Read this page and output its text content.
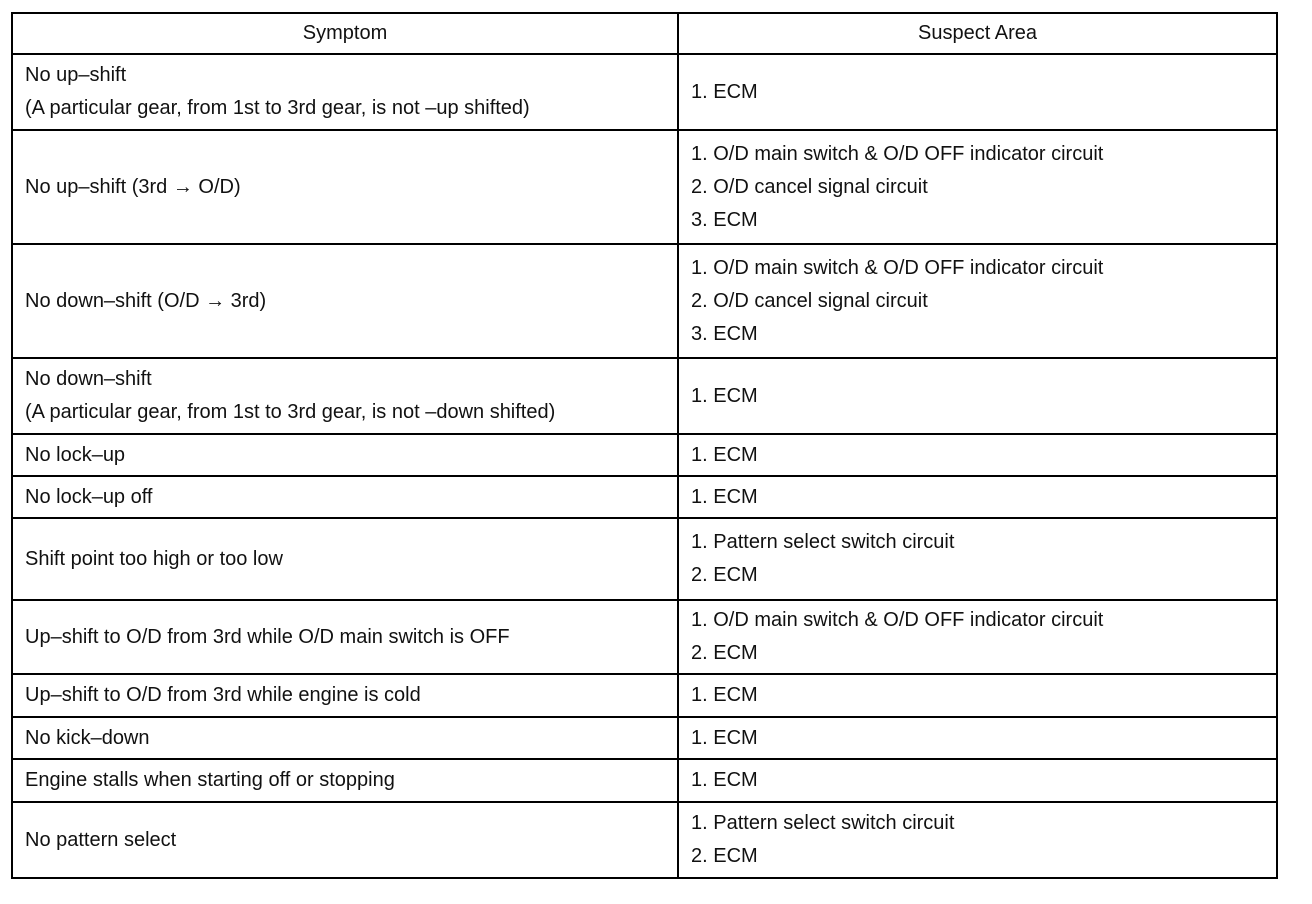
Symptom	Suspect Area

No up–shift
(A particular gear, from 1st to 3rd gear, is not –up shifted)	1. ECM

No up–shift (3rd → O/D)	1. O/D main switch & O/D OFF indicator circuit
2. O/D cancel signal circuit
3. ECM

No down–shift (O/D → 3rd)	1. O/D main switch & O/D OFF indicator circuit
2. O/D cancel signal circuit
3. ECM

No down–shift
(A particular gear, from 1st to 3rd gear, is not –down shifted)	1. ECM

No lock–up	1. ECM

No lock–up off	1. ECM

Shift point too high or too low	1. Pattern select switch circuit
2. ECM

Up–shift to O/D from 3rd while O/D main switch is OFF	1. O/D main switch & O/D OFF indicator circuit
2. ECM

Up–shift to O/D from 3rd while engine is cold	1. ECM

No kick–down	1. ECM

Engine stalls when starting off or stopping	1. ECM

No pattern select	1. Pattern select switch circuit
2. ECM
